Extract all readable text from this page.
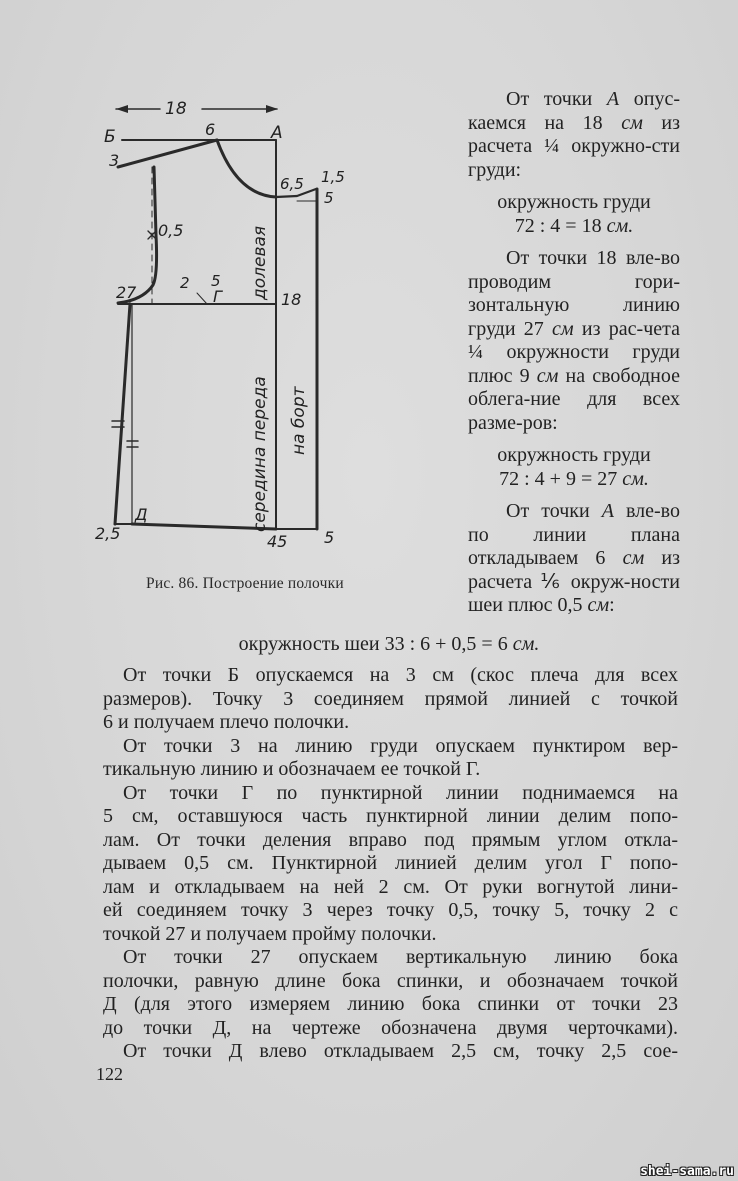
18
Б	А
6
3
0,5
2 5
Г
27	18
6,5 1,5
5
Д
2,5	45 5
долевая
середина переда на борт
Рис. 86. Построение полочки

От точки А опус-каемся на 18 см из расчета ¼ окружно-сти груди:

окружность груди
72 : 4 = 18 см.

От точки 18 вле-во проводим гори-зонтальную линию груди 27 см из рас-чета ¼ окружности груди плюс 9 см на свободное облега-ние для всех разме-ров:

окружность груди
72 : 4 + 9 = 27 см.

От точки А вле-во по линии плана откладываем 6 см из расчета ⅙ окруж-ности шеи плюс 0,5 см:

окружность шеи 33 : 6 + 0,5 = 6 см.
От точки Б опускаемся на 3 см (скос плеча для всех
размеров). Точку 3 соединяем прямой линией с точкой
6 и получаем плечо полочки.
От точки 3 на линию груди опускаем пунктиром вер-
тикальную линию и обозначаем ее точкой Г.
От точки Г по пунктирной линии поднимаемся на
5 см, оставшуюся часть пунктирной линии делим попо-
лам. От точки деления вправо под прямым углом откла-
дываем 0,5 см. Пунктирной линией делим угол Г попо-
лам и откладываем на ней 2 см. От руки вогнутой лини-
ей соединяем точку 3 через точку 0,5, точку 5, точку 2 с
точкой 27 и получаем пройму полочки.
От точки 27 опускаем вертикальную линию бока
полочки, равную длине бока спинки, и обозначаем точкой
Д (для этого измеряем линию бока спинки от точки 23
до точки Д, на чертеже обозначена двумя черточками).
От точки Д влево откладываем 2,5 см, точку 2,5 сое-
122
shei-sama.ru
